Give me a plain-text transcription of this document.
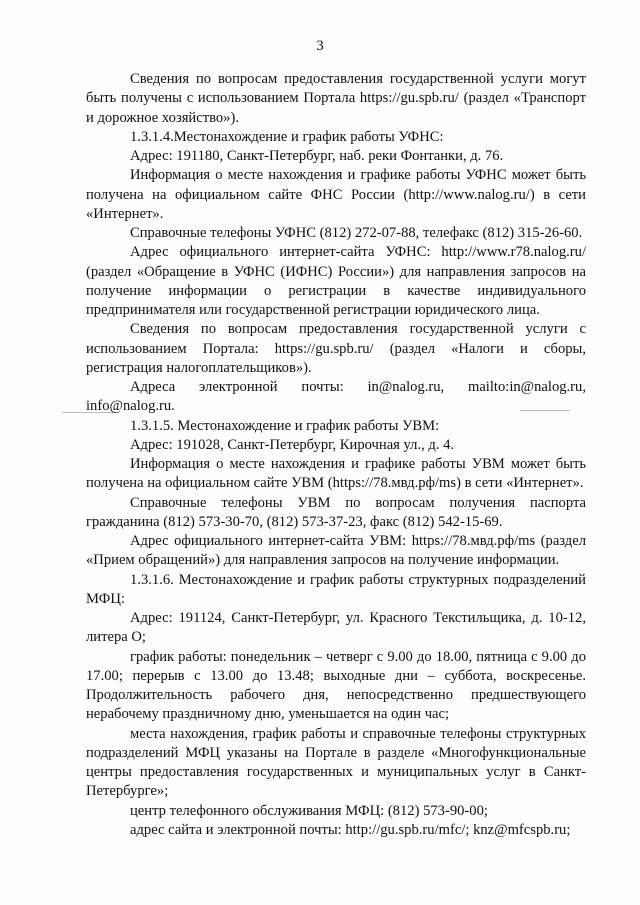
3

Сведения по вопросам предоставления государственной услуги могут быть получены с использованием Портала https://gu.spb.ru/ (раздел «Транспорт и дорожное хозяйство»).

1.3.1.4.Местонахождение и график работы УФНС:

Адрес: 191180, Санкт-Петербург, наб. реки Фонтанки, д. 76.

Информация о месте нахождения и графике работы УФНС может быть получена на официальном сайте ФНС России (http://www.nalog.ru/) в сети «Интернет».

Справочные телефоны УФНС (812) 272-07-88, телефакс (812) 315-26-60.

Адрес официального интернет-сайта УФНС: http://www.r78.nalog.ru/ (раздел «Обращение в УФНС (ИФНС) России») для направления запросов на получение информации о регистрации в качестве индивидуального предпринимателя или государственной регистрации юридического лица.

Сведения по вопросам предоставления государственной услуги с использованием Портала: https://gu.spb.ru/ (раздел «Налоги и сборы, регистрация налогоплательщиков»).

Адреса электронной почты: in@nalog.ru, mailto:in@nalog.ru, info@nalog.ru.

1.3.1.5. Местонахождение и график работы УВМ:

Адрес: 191028, Санкт-Петербург, Кирочная ул., д. 4.

Информация о месте нахождения и графике работы УВМ может быть получена на официальном сайте УВМ (https://78.мвд.рф/ms) в сети «Интернет».

Справочные телефоны УВМ по вопросам получения паспорта гражданина (812) 573-30-70, (812) 573-37-23, факс (812) 542-15-69.

Адрес официального интернет-сайта УВМ: https://78.мвд.рф/ms (раздел «Прием обращений») для направления запросов на получение информации.

1.3.1.6. Местонахождение и график работы структурных подразделений МФЦ:

Адрес: 191124, Санкт-Петербург, ул. Красного Текстильщика, д. 10-12, литера О;

график работы: понедельник – четверг с 9.00 до 18.00, пятница с 9.00 до 17.00; перерыв с 13.00 до 13.48; выходные дни – суббота, воскресенье. Продолжительность рабочего дня, непосредственно предшествующего нерабочему праздничному дню, уменьшается на один час;

места нахождения, график работы и справочные телефоны структурных подразделений МФЦ указаны на Портале в разделе «Многофункциональные центры предоставления государственных и муниципальных услуг в Санкт-Петербурге»;

центр телефонного обслуживания МФЦ: (812) 573-90-00;

адрес сайта и электронной почты: http://gu.spb.ru/mfc/; knz@mfcspb.ru;
